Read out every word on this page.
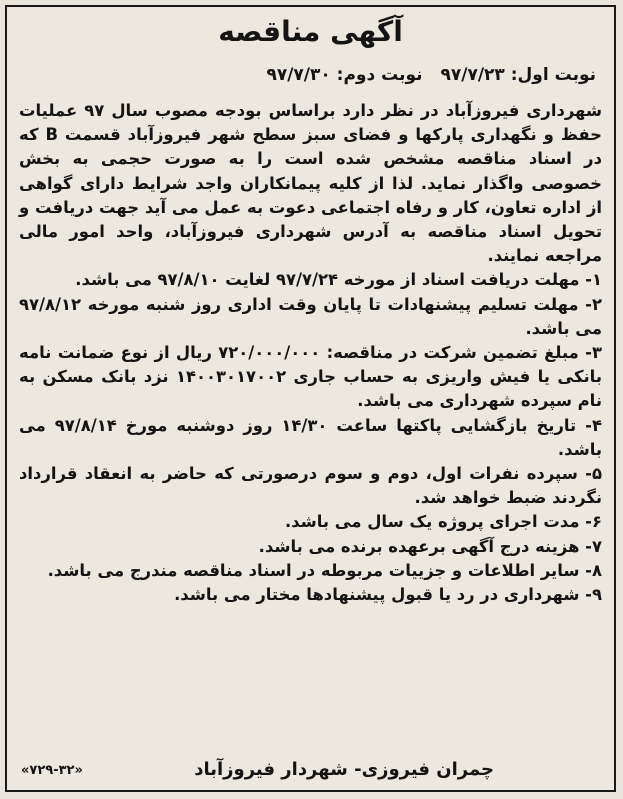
آگهی مناقصه
نوبت اول: ۹۷/۷/۲۳ نوبت دوم: ۹۷/۷/۳۰

شهرداری فیروزآباد در نظر دارد براساس بودجه مصوب سال ۹۷ عملیات حفظ و نگهداری پارکها و فضای سبز سطح شهر فیروزآباد قسمت B که در اسناد مناقصه مشخص شده است را به صورت حجمی به بخش خصوصی واگذار نماید. لذا از کلیه پیمانکاران واجد شرایط دارای گواهی از اداره تعاون، کار و رفاه اجتماعی دعوت به عمل می آید جهت دریافت و تحویل اسناد مناقصه به آدرس شهرداری فیروزآباد، واحد امور مالی مراجعه نمایند.

۱- مهلت دریافت اسناد از مورخه ۹۷/۷/۲۴ لغایت ۹۷/۸/۱۰ می باشد.
۲- مهلت تسلیم پیشنهادات تا پایان وقت اداری روز شنبه مورخه ۹۷/۸/۱۲ می باشد.
۳- مبلغ تضمین شرکت در مناقصه: ۷۲۰/۰۰۰/۰۰۰ ریال از نوع ضمانت نامه بانکی یا فیش واریزی به حساب جاری ۱۴۰۰۳۰۱۷۰۰۲ نزد بانک مسکن به نام سپرده شهرداری می باشد.
۴- تاریخ بازگشایی پاکتها ساعت ۱۴/۳۰ روز دوشنبه مورخ ۹۷/۸/۱۴ می باشد.
۵- سپرده نفرات اول، دوم و سوم درصورتی که حاضر به انعقاد قرارداد نگردند ضبط خواهد شد.
۶- مدت اجرای پروژه یک سال می باشد.
۷- هزینه درج آگهی برعهده برنده می باشد.
۸- سایر اطلاعات و جزییات مربوطه در اسناد مناقصه مندرج می باشد.
۹- شهرداری در رد یا قبول پیشنهادها مختار می باشد.
چمران فیروزی- شهردار فیروزآباد
«۷۲۹-۳۲»
